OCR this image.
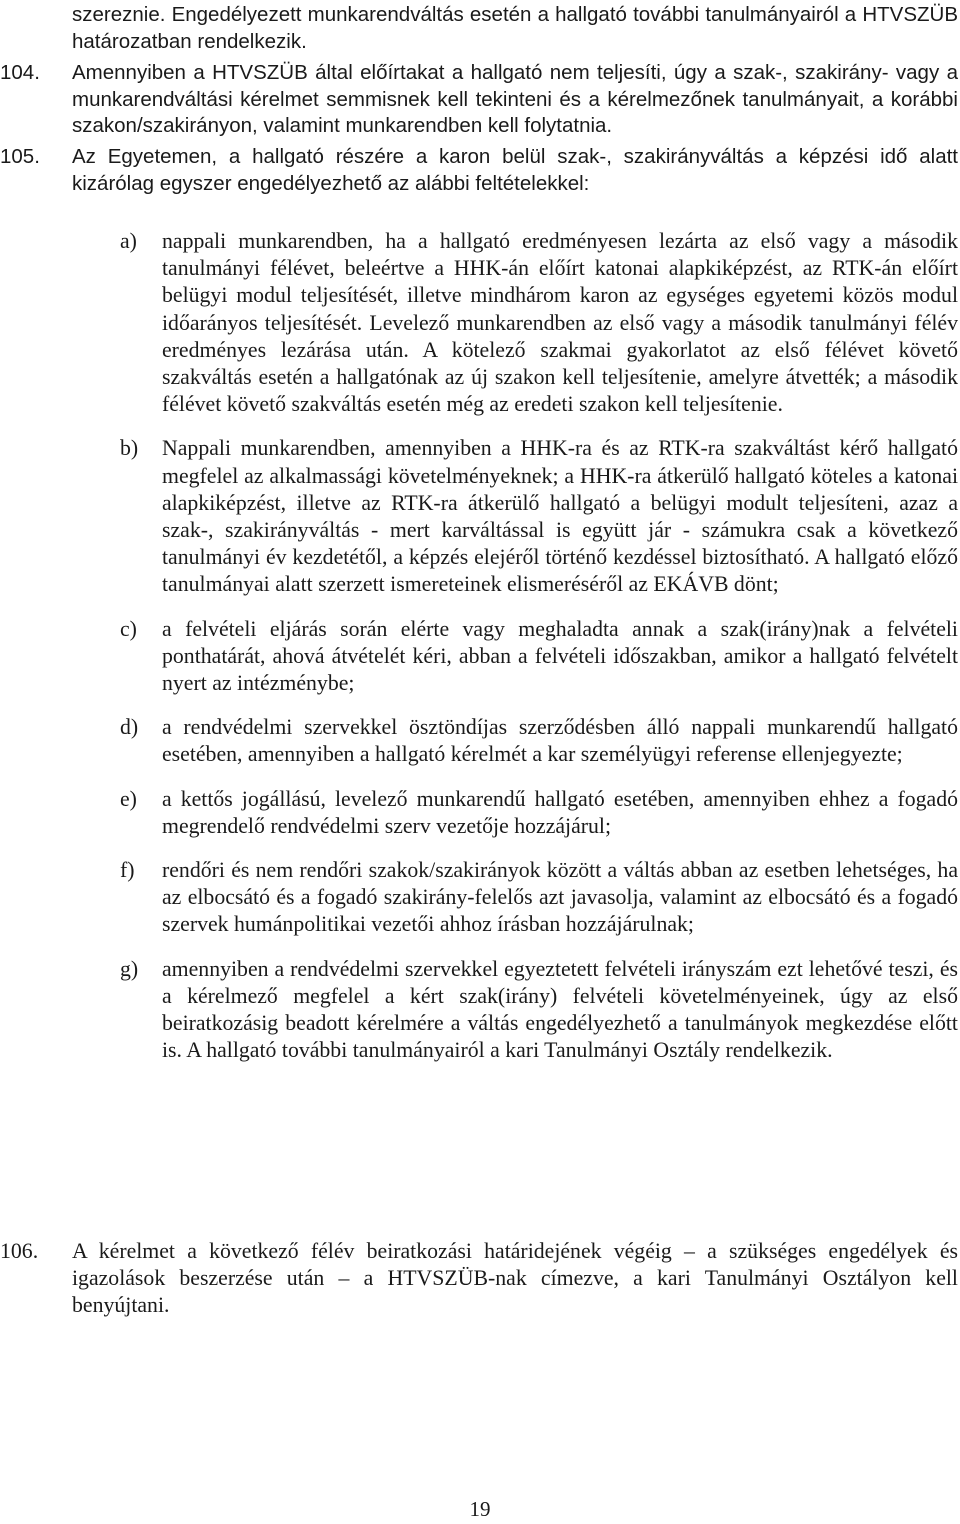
szereznie. Engedélyezett munkarendváltás esetén a hallgató további tanulmányairól a HTVSZÜB határozatban rendelkezik.

104.	Amennyiben a HTVSZÜB által előírtakat a hallgató nem teljesíti, úgy a szak-, szakirány- vagy a munkarendváltási kérelmet semmisnek kell tekinteni és a kérelmezőnek tanulmányait, a korábbi szakon/szakirányon, valamint munkarendben kell folytatnia.

105.	Az Egyetemen, a hallgató részére a karon belül szak-, szakirányváltás a képzési idő alatt kizárólag egyszer engedélyezhető az alábbi feltételekkel:

a) nappali munkarendben, ha a hallgató eredményesen lezárta az első vagy a második tanulmányi félévet, beleértve a HHK-án előírt katonai alapkiképzést, az RTK-án előírt belügyi modul teljesítését, illetve mindhárom karon az egységes egyetemi közös modul időarányos teljesítését. Levelező munkarendben az első vagy a második tanulmányi félév eredményes lezárása után. A kötelező szakmai gyakorlatot az első félévet követő szakváltás esetén a hallgatónak az új szakon kell teljesítenie, amelyre átvették; a második félévet követő szakváltás esetén még az eredeti szakon kell teljesítenie.
b) Nappali munkarendben, amennyiben a HHK-ra és az RTK-ra szakváltást kérő hallgató megfelel az alkalmassági követelményeknek; a HHK-ra átkerülő hallgató köteles a katonai alapkiképzést, illetve az RTK-ra átkerülő hallgató a belügyi modult teljesíteni, azaz a szak-, szakirányváltás - mert karváltással is együtt jár - számukra csak a következő tanulmányi év kezdetétől, a képzés elejéről történő kezdéssel biztosítható. A hallgató előző tanulmányai alatt szerzett ismereteinek elismeréséről az EKÁVB dönt;
c) a felvételi eljárás során elérte vagy meghaladta annak a szak(irány)nak a felvételi ponthatárát, ahová átvételét kéri, abban a felvételi időszakban, amikor a hallgató felvételt nyert az intézménybe;
d) a rendvédelmi szervekkel ösztöndíjas szerződésben álló nappali munkarendű hallgató esetében, amennyiben a hallgató kérelmét a kar személyügyi referense ellenjegyezte;
e) a kettős jogállású, levelező munkarendű hallgató esetében, amennyiben ehhez a fogadó megrendelő rendvédelmi szerv vezetője hozzájárul;
f) rendőri és nem rendőri szakok/szakirányok között a váltás abban az esetben lehetséges, ha az elbocsátó és a fogadó szakirány-felelős azt javasolja, valamint az elbocsátó és a fogadó szervek humánpolitikai vezetői ahhoz írásban hozzájárulnak;
g) amennyiben a rendvédelmi szervekkel egyeztetett felvételi irányszám ezt lehetővé teszi, és a kérelmező megfelel a kért szak(irány) felvételi követelményeinek, úgy az első beiratkozásig beadott kérelmére a váltás engedélyezhető a tanulmányok megkezdése előtt is. A hallgató további tanulmányairól a kari Tanulmányi Osztály rendelkezik.

106.	A kérelmet a következő félév beiratkozási határidejének végéig – a szükséges engedélyek és igazolások beszerzése után – a HTVSZÜB-nak címezve, a kari Tanulmányi Osztályon kell benyújtani.

19
